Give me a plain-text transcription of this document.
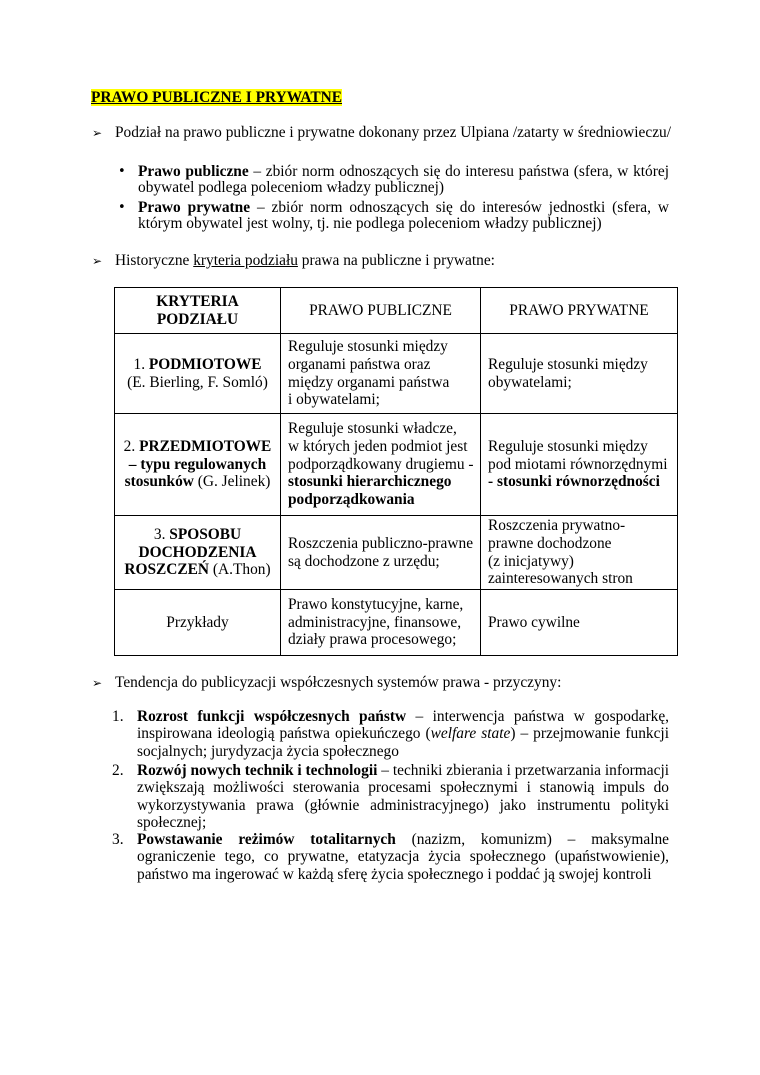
PRAWO PUBLICZNE I PRYWATNE
➢Podział na prawo publiczne i prywatne dokonany przez Ulpiana /zatarty w średniowieczu/
•

Prawo publiczne – zbiór norm odnoszących się do interesu państwa (sfera, w której obywatel podlega poleceniom władzy publicznej)

•

Prawo prywatne – zbiór norm odnoszących się do interesów jednostki (sfera, w którym obywatel jest wolny, tj. nie podlega poleceniom władzy publicznej)

➢Historyczne kryteria podziału prawa na publiczne i prywatne:
KRYTERIA
PODZIAŁU	PRAWO PUBLICZNE	PRAWO PRYWATNE
1. PODMIOTOWE
(E. Bierling, F. Somló)	Reguluje stosunki między
organami państwa oraz
między organami państwa
i obywatelami;	Reguluje stosunki między
obywatelami;
2. PRZEDMIOTOWE
– typu regulowanych
stosunków (G. Jelinek)	Reguluje stosunki władcze,
w których jeden podmiot jest
podporządkowany drugiemu -
stosunki hierarchicznego
podporządkowania	Reguluje stosunki między
pod miotami równorzędnymi
- stosunki równorzędności
3. SPOSOBU
DOCHODZENIA
ROSZCZEŃ (A.Thon)	Roszczenia publiczno-prawne
są dochodzone z urzędu;	Roszczenia prywatno-
prawne dochodzone
(z inicjatywy)
zainteresowanych stron
Przykłady	Prawo konstytucyjne, karne,
administracyjne, finansowe,
działy prawa procesowego;	Prawo cywilne
➢Tendencja do publicyzacji współczesnych systemów prawa - przyczyny:
1. Rozrost funkcji współczesnych państw – interwencja państwa w gospodarkę, inspirowana ideologią państwa opiekuńczego (welfare state) – przejmowanie funkcji socjalnych; jurydyzacja życia społecznego

2. Rozwój nowych technik i technologii – techniki zbierania i przetwarzania informacji zwiększają możliwości sterowania procesami społecznymi i stanowią impuls do wykorzystywania prawa (głównie administracyjnego) jako instrumentu polityki społecznej;

3. Powstawanie reżimów totalitarnych (nazizm, komunizm) – maksymalne ograniczenie tego, co prywatne, etatyzacja życia społecznego (upaństwowienie), państwo ma ingerować w każdą sferę życia społecznego i poddać ją swojej kontroli
